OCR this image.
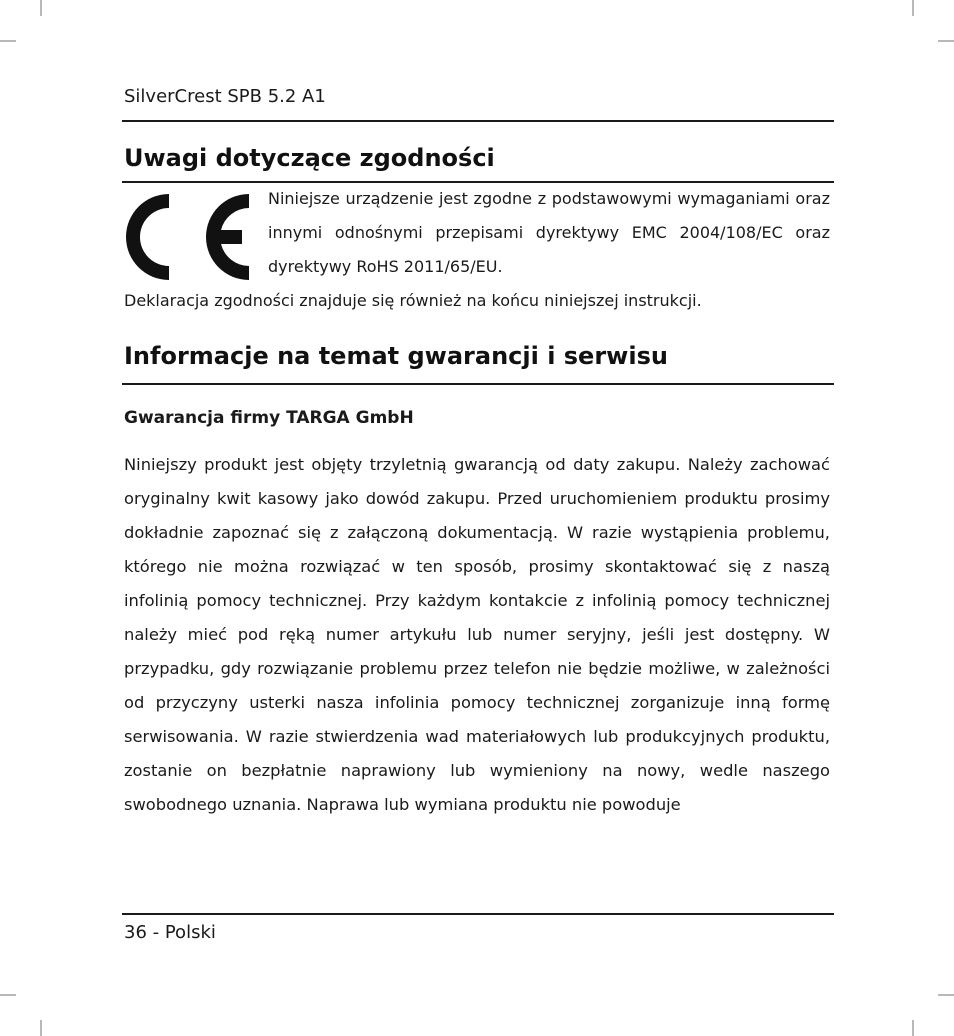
SilverCrest SPB 5.2 A1
Uwagi dotyczące zgodności
Niniejsze urządzenie jest zgodne z podstawowymi wymaganiami oraz innymi odnośnymi przepisami dyrektywy EMC 2004/108/EC oraz dyrektywy RoHS 2011/65/EU.
Deklaracja zgodności znajduje się również na końcu niniejszej instrukcji.
Informacje na temat gwarancji i serwisu
Gwarancja firmy TARGA GmbH

Niniejszy produkt jest objęty trzyletnią gwarancją od daty zakupu. Należy zachować oryginalny kwit kasowy jako dowód zakupu. Przed uruchomieniem produktu prosimy dokładnie zapoznać się z załączoną dokumentacją. W razie wystąpienia problemu, którego nie można rozwiązać w ten sposób, prosimy skontaktować się z naszą infolinią pomocy technicznej. Przy każdym kontakcie z infolinią pomocy technicznej należy mieć pod ręką numer artykułu lub numer seryjny, jeśli jest dostępny. W przypadku, gdy rozwiązanie problemu przez telefon nie będzie możliwe, w zależności od przyczyny usterki nasza infolinia pomocy technicznej zorganizuje inną formę serwisowania. W razie stwierdzenia wad materiałowych lub produkcyjnych produktu, zostanie on bezpłatnie naprawiony lub wymieniony na nowy, wedle naszego swobodnego uznania. Naprawa lub wymiana produktu nie powoduje

36 - Polski
